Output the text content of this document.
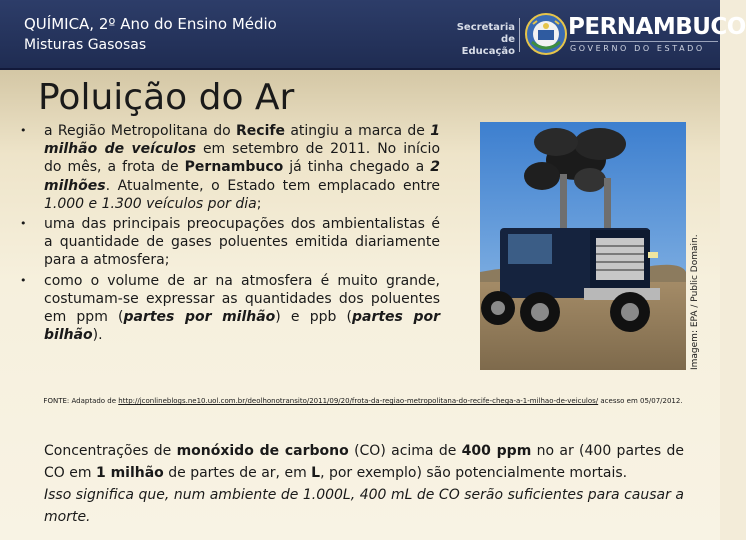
QUÍMICA, 2º Ano do Ensino Médio
Misturas Gasosas
Secretaria de
Educação
PERNAMBUCO
GOVERNO DO ESTADO
Poluição do Ar
• a Região Metropolitana do Recife atingiu a marca de 1 milhão de veículos em setembro de 2011. No início do mês, a frota de Pernambuco já tinha chegado a 2 milhões. Atualmente, o Estado tem emplacado entre 1.000 e 1.300 veículos por dia;
• uma das principais preocupações dos ambientalistas é a quantidade de gases poluentes emitida diariamente para a atmosfera;
• como o volume de ar na atmosfera é muito grande, costumam-se expressar as quantidades dos poluentes em ppm (partes por milhão) e ppb (partes por bilhão).	Imagem: EPA / Public Domain.
FONTE: Adaptado de http://jconlineblogs.ne10.uol.com.br/deolhonotransito/2011/09/20/frota-da-regiao-metropolitana-do-recife-chega-a-1-milhao-de-veiculos/ acesso em 05/07/2012.

Concentrações de monóxido de carbono (CO) acima de 400 ppm no ar (400 partes de CO em 1 milhão de partes de ar, em L, por exemplo) são potencialmente mortais.

Isso significa que, num ambiente de 1.000L, 400 mL de CO serão suficientes para causar a morte.
